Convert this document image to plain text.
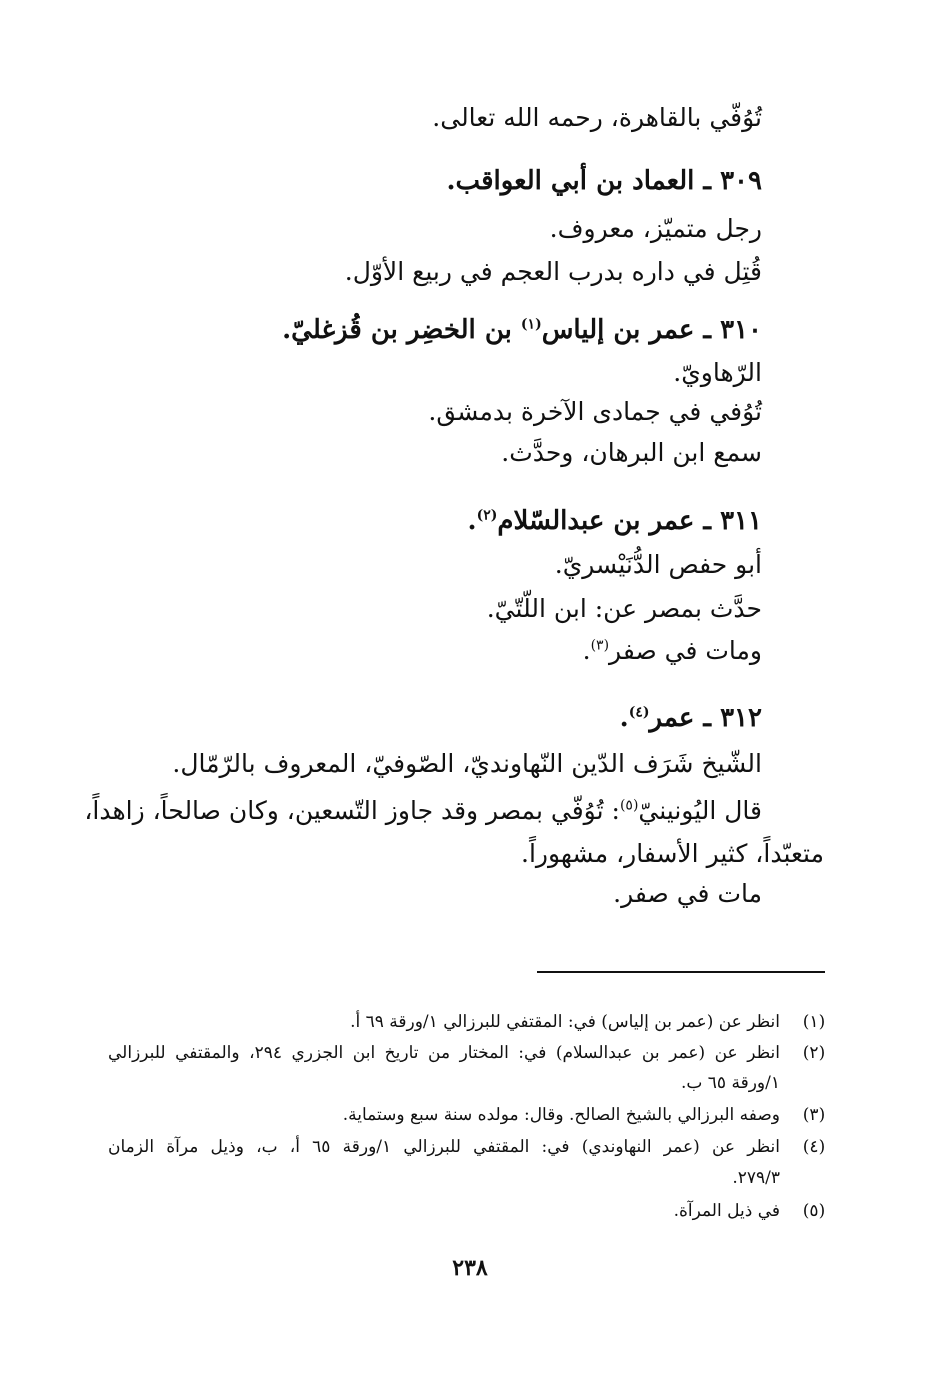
تُوُفّي بالقاهرة، رحمه الله تعالى.
٣٠٩ ـ العماد بن أبي العواقب.
رجل متميّز، معروف.
قُتِل في داره بدرب العجم في ربيع الأوّل.
٣١٠ ـ عمر بن إلياس$^{(١)}$ بن الخضِر بن قُزغليّ.
الرّهاويّ.
تُوُفي في جمادى الآخرة بدمشق.
سمع ابن البرهان، وحدَّث.
٣١١ ـ عمر بن عبدالسّلام$^{(٢)}$.
أبو حفص الدُّنَيْسريّ.
حدَّث بمصر عن: ابن اللّتّيّ.
ومات في صفر$^{(٣)}$.
٣١٢ ـ عمر$^{(٤)}$.
الشّيخ شَرَف الدّين النّهاونديّ، الصّوفيّ، المعروف بالرّمّال.
قال اليُونينيّ$^{(٥)}$: تُوُفّي بمصر وقد جاوز التّسعين، وكان صالحاً، زاهداً،
متعبّداً، كثير الأسفار، مشهوراً.
مات في صفر.
(١)
انظر عن (عمر بن إلياس) في: المقتفي للبرزالي ١/ورقة ٦٩ أ.
(٢)
انظر عن (عمر بن عبدالسلام) في: المختار من تاريخ ابن الجزري ٢٩٤، والمقتفي للبرزالي
١/ورقة ٦٥ ب.
(٣)
وصفه البرزالي بالشيخ الصالح. وقال: مولده سنة سبع وستماية.
(٤)
انظر عن (عمر النهاوندي) في: المقتفي للبرزالي ١/ورقة ٦٥ أ، ب، وذيل مرآة الزمان
٢٧٩/٣.
(٥)
في ذيل المرآة.
٢٣٨
